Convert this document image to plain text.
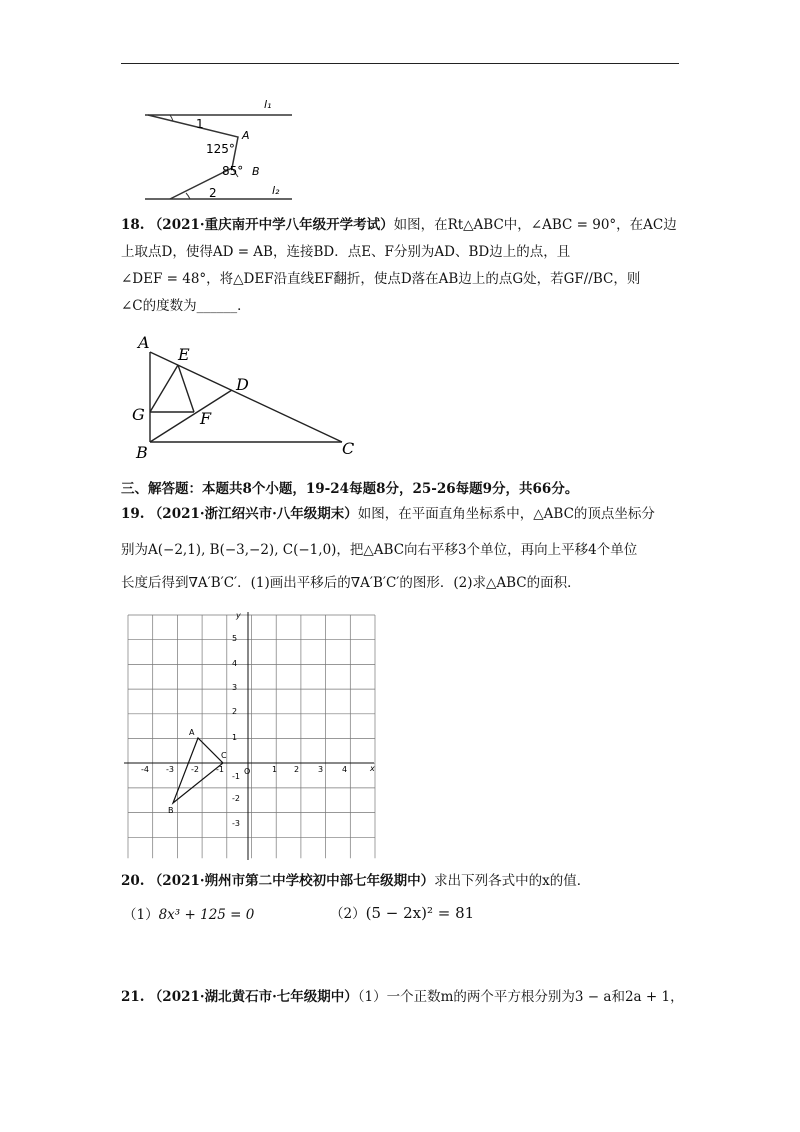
l₁
l₂
1
2
A
B
125°
85°
18. （2021·重庆南开中学八年级开学考试）如图，在Rt△ABC中，∠ABC = 90°，在AC边
上取点D，使得AD = AB，连接BD．点E、F分别为AD、BD边上的点，且
∠DEF = 48°，将△DEF沿直线EF翻折，使点D落在AB边上的点G处，若GF//BC，则
∠C的度数为______．
A
E
D
G	F
B	C
三、解答题：本题共8个小题，19-24每题8分，25-26每题9分，共66分。
19. （2021·浙江绍兴市·八年级期末）如图，在平面直角坐标系中，△ABC的顶点坐标分
别为A(−2,1), B(−3,−2), C(−1,0)，把△ABC向右平移3个单位，再向上平移4个单位
长度后得到∇A′B′C′．(1)画出平移后的∇A′B′C′的图形．(2)求△ABC的面积．
x
y
O
-4 -3 -2 -1	1 2 3 4
5
4
3
2
1
-1
-2
-3
A
B
C
20. （2021·朔州市第二中学校初中部七年级期中）求出下列各式中的x的值．
（1）8x³ + 125 = 0	（2）(5 − 2x)² = 81
21. （2021·湖北黄石市·七年级期中）（1）一个正数m的两个平方根分别为3 − a和2a + 1，
